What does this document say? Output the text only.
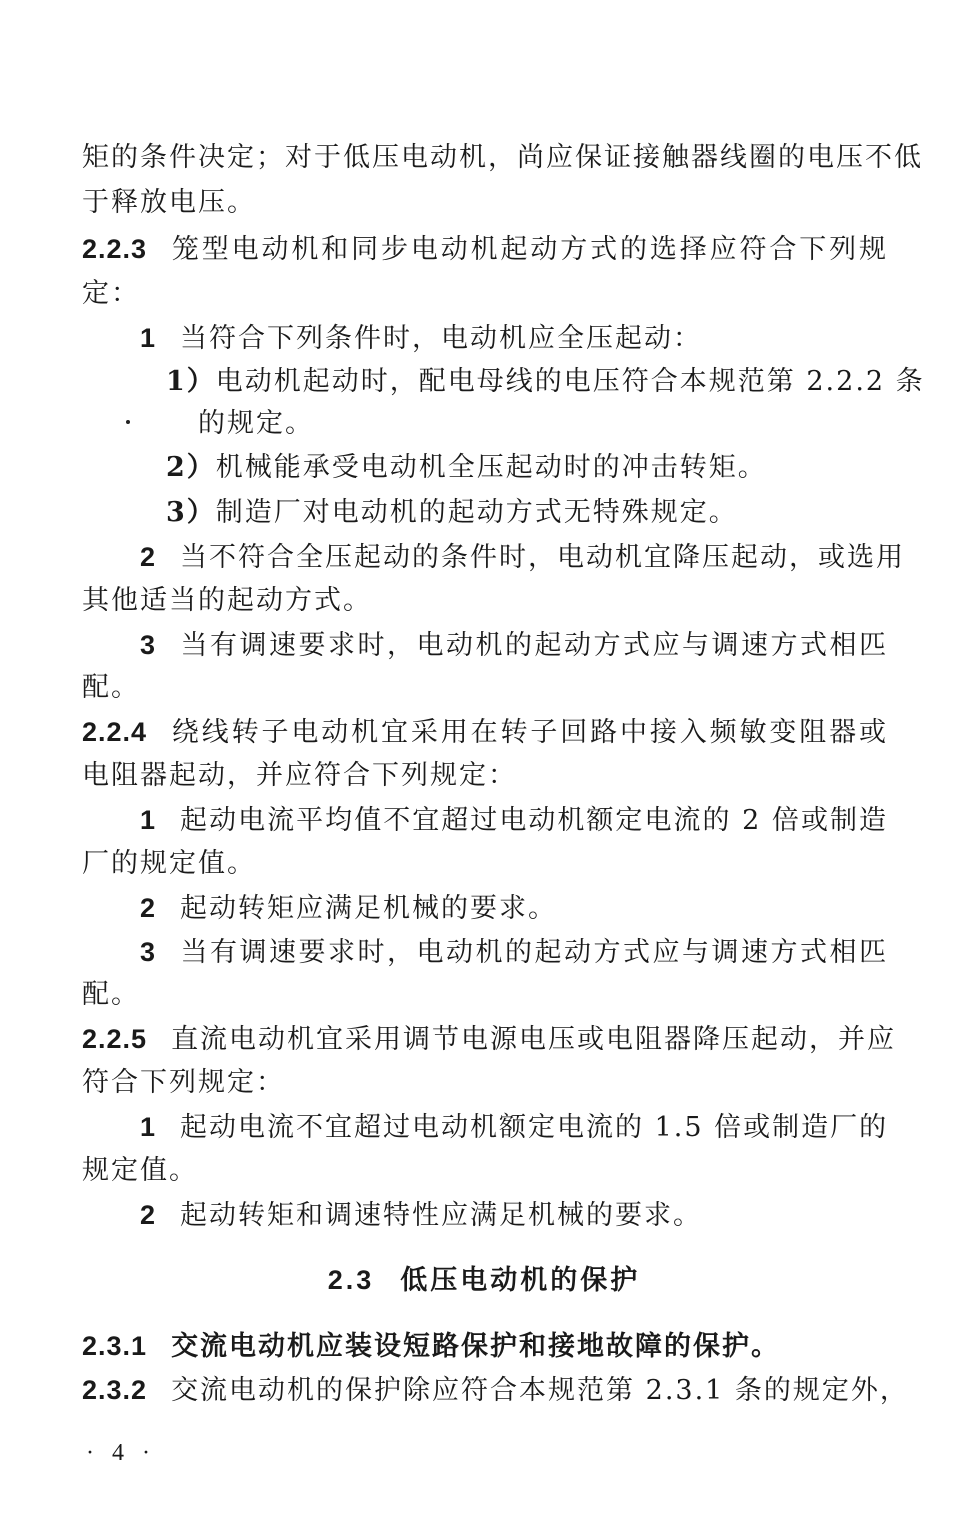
矩的条件决定；对于低压电动机，尚应保证接触器线圈的电压不低
于释放电压。
2.2.3 笼型电动机和同步电动机起动方式的选择应符合下列规
定：
1 当符合下列条件时，电动机应全压起动：
1）电动机起动时，配电母线的电压符合本规范第 2.2.2 条
的规定。
2）机械能承受电动机全压起动时的冲击转矩。
3）制造厂对电动机的起动方式无特殊规定。
2 当不符合全压起动的条件时，电动机宜降压起动，或选用
其他适当的起动方式。
3 当有调速要求时，电动机的起动方式应与调速方式相匹
配。
2.2.4 绕线转子电动机宜采用在转子回路中接入频敏变阻器或
电阻器起动，并应符合下列规定：
1 起动电流平均值不宜超过电动机额定电流的 2 倍或制造
厂的规定值。
2 起动转矩应满足机械的要求。
3 当有调速要求时，电动机的起动方式应与调速方式相匹
配。
2.2.5 直流电动机宜采用调节电源电压或电阻器降压起动，并应
符合下列规定：
1 起动电流不宜超过电动机额定电流的 1.5 倍或制造厂的
规定值。
2 起动转矩和调速特性应满足机械的要求。
2.3 低压电动机的保护
2.3.1 交流电动机应装设短路保护和接地故障的保护。
2.3.2 交流电动机的保护除应符合本规范第 2.3.1 条的规定外，
· 4 ·
